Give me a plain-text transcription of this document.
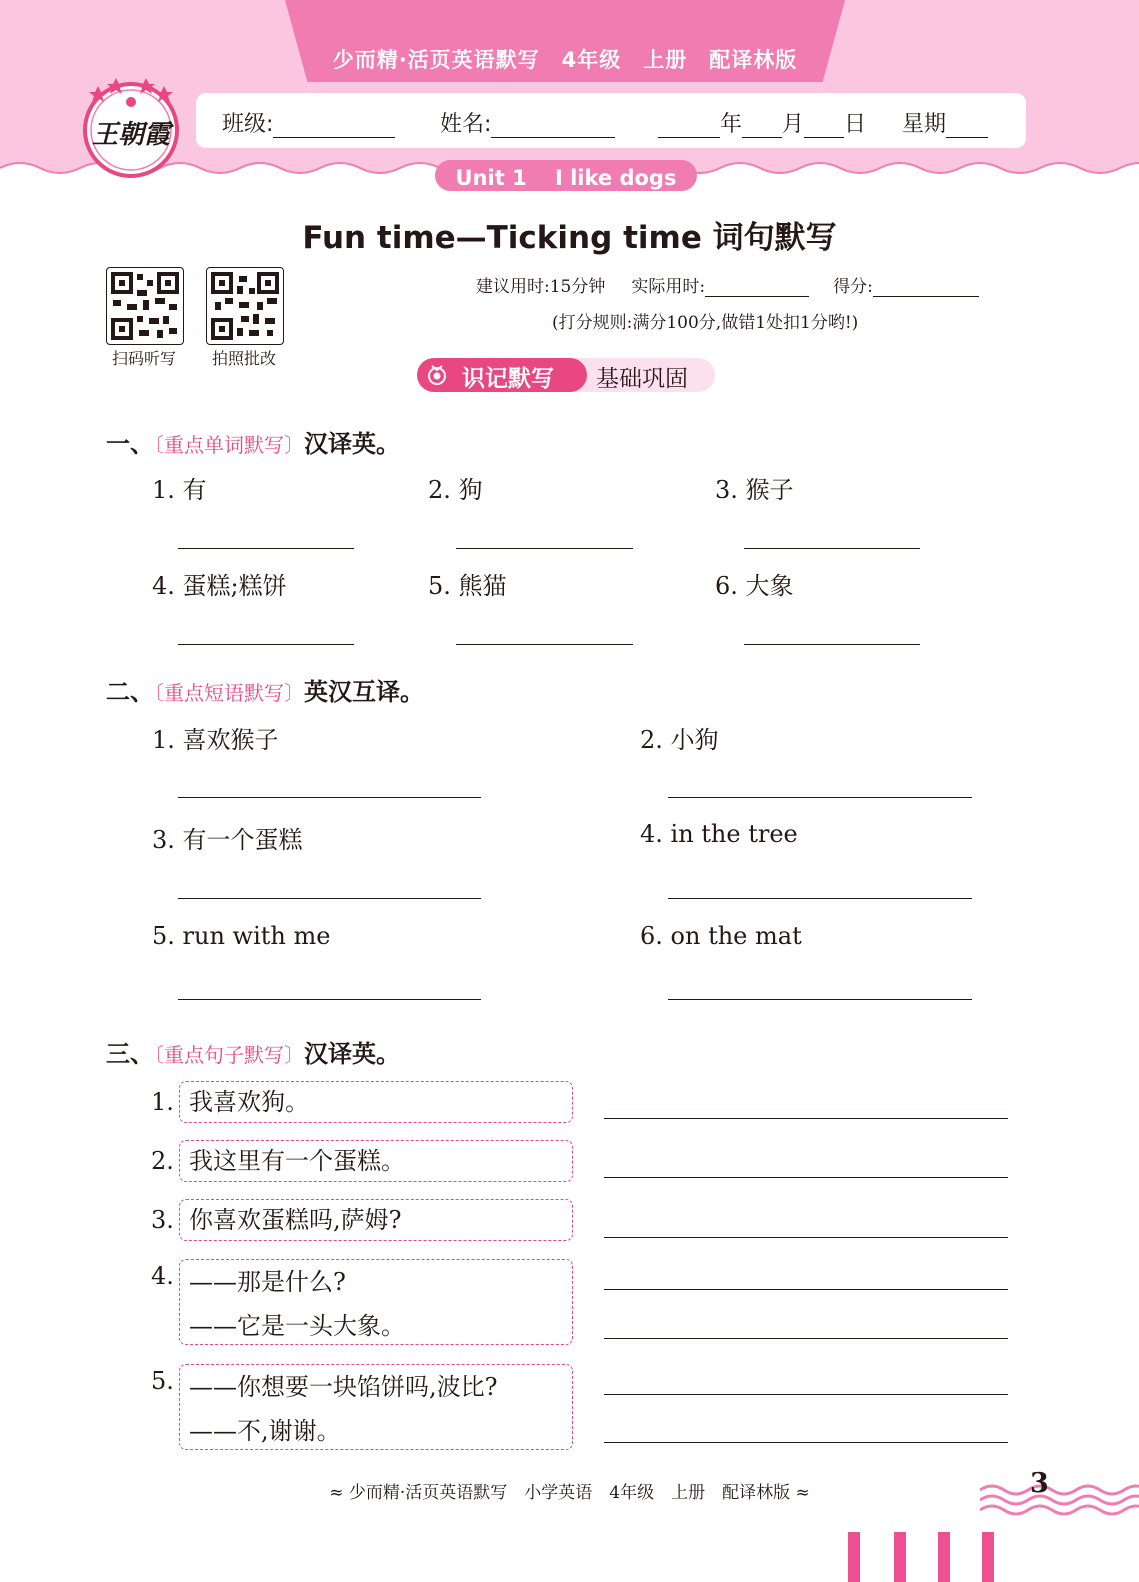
少而精·活页英语默写　4年级　上册　配译林版
班级:	姓名:	年 月 日 星期
Unit 1　 I like dogs
王朝霞
Fun time—Ticking time 词句默写
扫码听写	拍照批改
建议用时:15分钟 实际用时:	得分:
(打分规则:满分100分,做错1处扣1分哟!)
识记默写 基础巩固
一、〔重点单词默写〕汉译英。
1. 有	2. 狗	3. 猴子
4. 蛋糕;糕饼	5. 熊猫	6. 大象
二、〔重点短语默写〕英汉互译。
1. 喜欢猴子	2. 小狗
3. 有一个蛋糕	4. in the tree
5. run with me	6. on the mat
三、〔重点句子默写〕汉译英。
1. 我喜欢狗。
2. 我这里有一个蛋糕。
3. 你喜欢蛋糕吗,萨姆?
4. ——那是什么?
——它是一头大象。
5. ——你想要一块馅饼吗,波比?
——不,谢谢。
≈ 少而精·活页英语默写　小学英语　4年级　上册　配译林版 ≈	3
